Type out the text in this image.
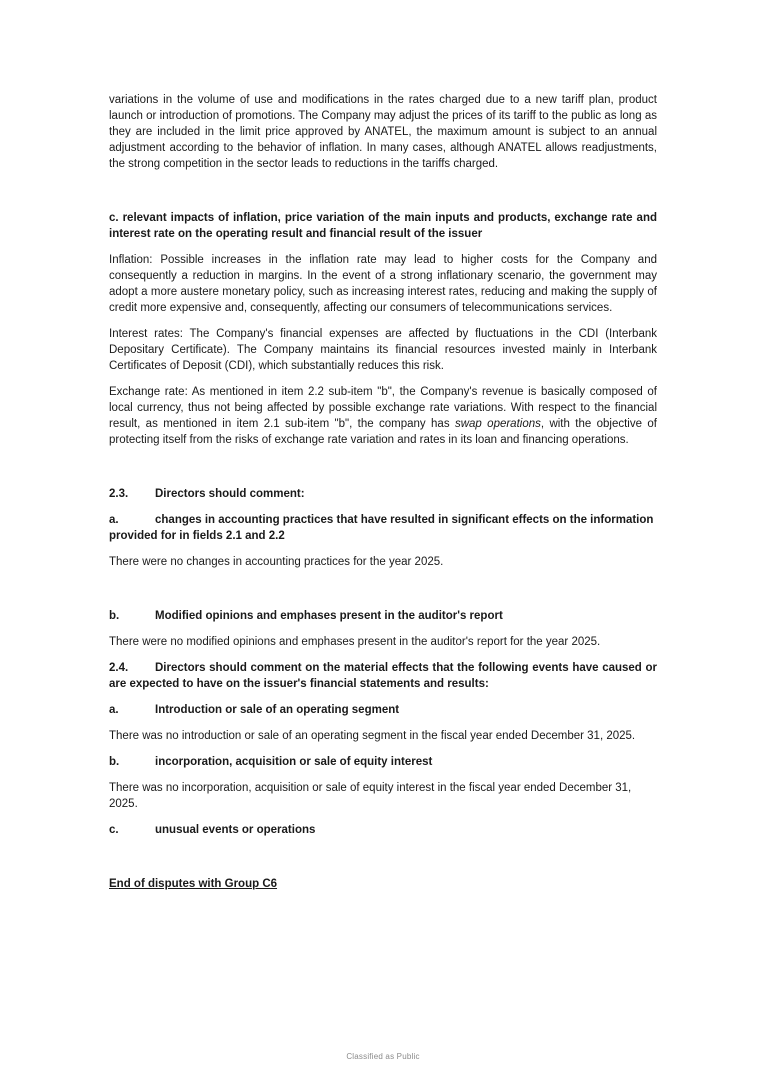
variations in the volume of use and modifications in the rates charged due to a new tariff plan, product launch or introduction of promotions. The Company may adjust the prices of its tariff to the public as long as they are included in the limit price approved by ANATEL, the maximum amount is subject to an annual adjustment according to the behavior of inflation. In many cases, although ANATEL allows readjustments, the strong competition in the sector leads to reductions in the tariffs charged.

c. relevant impacts of inflation, price variation of the main inputs and products, exchange rate and interest rate on the operating result and financial result of the issuer

Inflation: Possible increases in the inflation rate may lead to higher costs for the Company and consequently a reduction in margins. In the event of a strong inflationary scenario, the government may adopt a more austere monetary policy, such as increasing interest rates, reducing and making the supply of credit more expensive and, consequently, affecting our consumers of telecommunications services.

Interest rates: The Company's financial expenses are affected by fluctuations in the CDI (Interbank Depositary Certificate). The Company maintains its financial resources invested mainly in Interbank Certificates of Deposit (CDI), which substantially reduces this risk.

Exchange rate: As mentioned in item 2.2 sub-item "b", the Company's revenue is basically composed of local currency, thus not being affected by possible exchange rate variations. With respect to the financial result, as mentioned in item 2.1 sub-item "b", the company has swap operations, with the objective of protecting itself from the risks of exchange rate variation and rates in its loan and financing operations.

2.3. Directors should comment:

a.	changes in accounting practices that have resulted in significant effects on the information provided for in fields 2.1 and 2.2

There were no changes in accounting practices for the year 2025.

b.	Modified opinions and emphases present in the auditor's report

There were no modified opinions and emphases present in the auditor's report for the year 2025.

2.4. Directors should comment on the material effects that the following events have caused or are expected to have on the issuer's financial statements and results:

a.	Introduction or sale of an operating segment

There was no introduction or sale of an operating segment in the fiscal year ended December 31, 2025.

b.	incorporation, acquisition or sale of equity interest

There was no incorporation, acquisition or sale of equity interest in the fiscal year ended December 31, 2025.

c.	unusual events or operations

End of disputes with Group C6

Classified as Public
